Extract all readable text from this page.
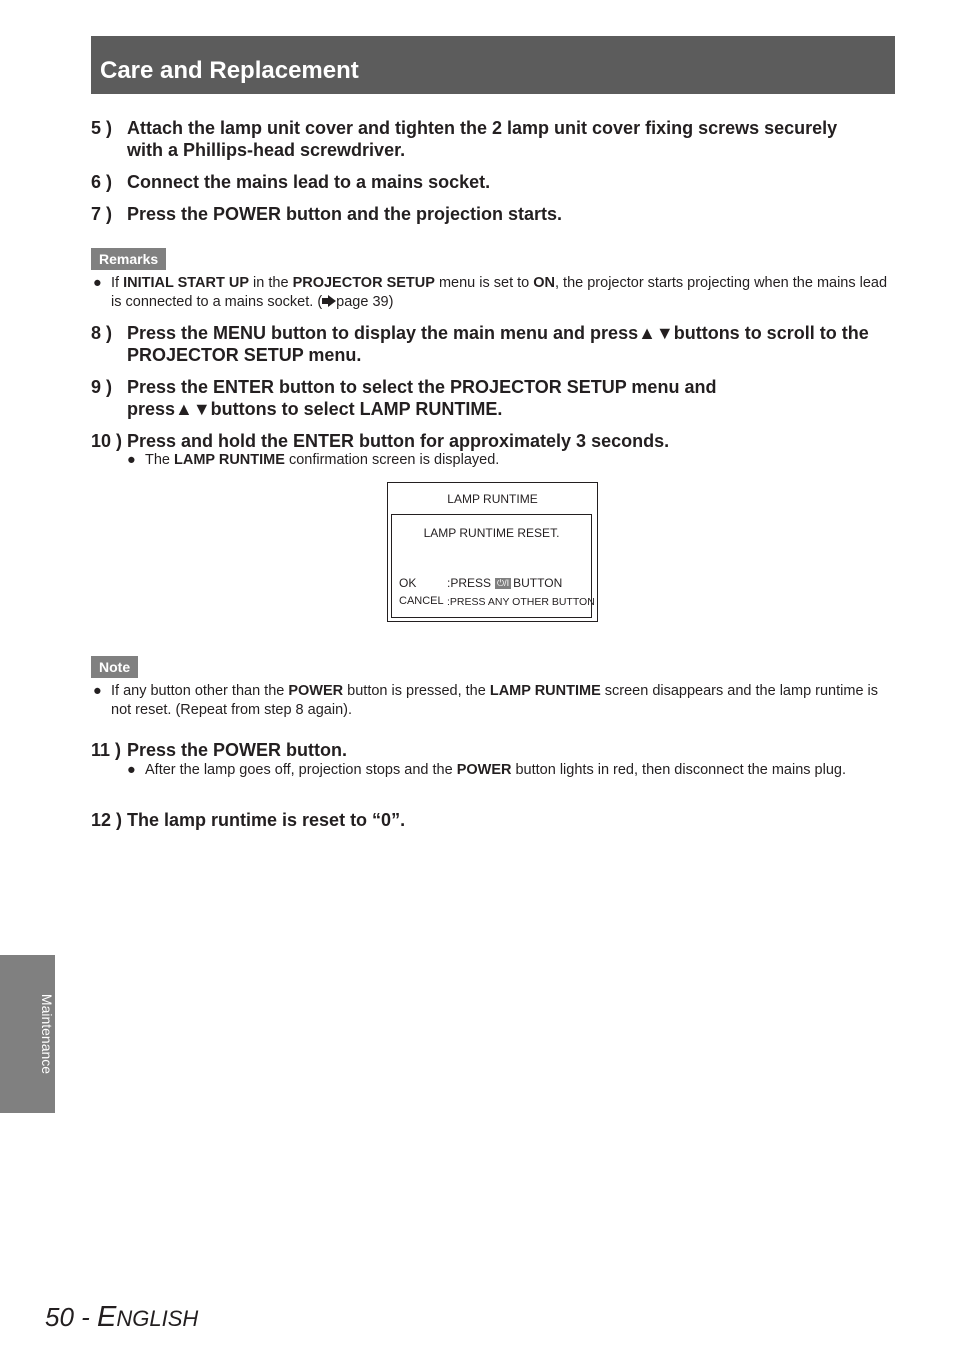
Care and Replacement
5 ) Attach the lamp unit cover and tighten the 2 lamp unit cover fixing screws securely with a Phillips-head screwdriver.
6 ) Connect the mains lead to a mains socket.
7 ) Press the POWER button and the projection starts.
Remarks
● If INITIAL START UP in the PROJECTOR SETUP menu is set to ON, the projector starts projecting when the mains lead is connected to a mains socket. ( page 39)
8 ) Press the MENU button to display the main menu and press▲▼buttons to scroll to the PROJECTOR SETUP menu.
9 ) Press the ENTER button to select the PROJECTOR SETUP menu and press▲▼buttons to select LAMP RUNTIME.
10 ) Press and hold the ENTER button for approximately 3 seconds.
● The LAMP RUNTIME confirmation screen is displayed.
LAMP RUNTIME
LAMP RUNTIME RESET.
OK	:PRESS ⏻/I BUTTON
CANCEL :PRESS ANY OTHER BUTTON
Note
● If any button other than the POWER button is pressed, the LAMP RUNTIME screen disappears and the lamp runtime is not reset. (Repeat from step 8 again).
11 ) Press the POWER button.
● After the lamp goes off, projection stops and the POWER button lights in red, then disconnect the mains plug.
12 ) The lamp runtime is reset to “0”.
Maintenance
50 - ENGLISH
